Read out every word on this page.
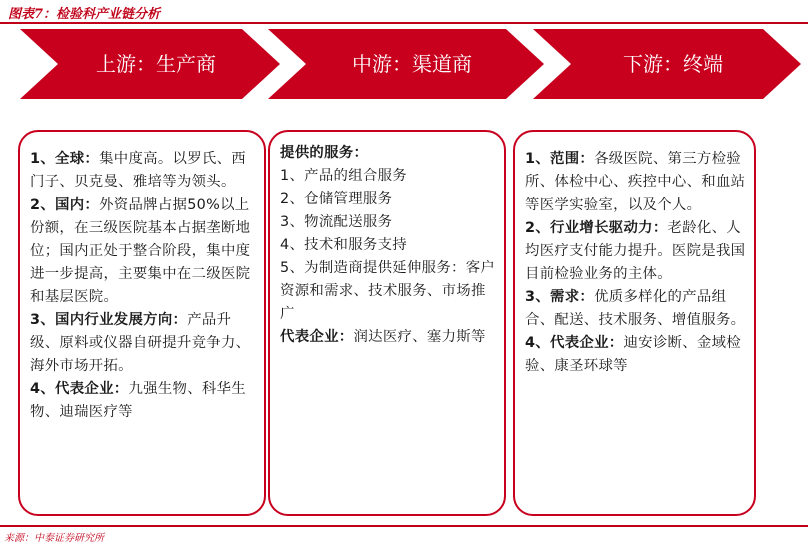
图表7：检验科产业链分析
上游：生产商	中游：渠道商	下游：终端

1、全球：集中度高。以罗氏、西门子、贝克曼、雅培等为领头。

2、国内：外资品牌占据50%以上份额，在三级医院基本占据垄断地位；国内正处于整合阶段，集中度进一步提高，主要集中在二级医院和基层医院。

3、国内行业发展方向：产品升级、原料或仪器自研提升竞争力、海外市场开拓。

4、代表企业：九强生物、科华生物、迪瑞医疗等

提供的服务：

1、产品的组合服务

2、仓储管理服务

3、物流配送服务

4、技术和服务支持

5、为制造商提供延伸服务：客户资源和需求、技术服务、市场推广

代表企业：润达医疗、塞力斯等

1、范围：各级医院、第三方检验所、体检中心、疾控中心、和血站等医学实验室，以及个人。

2、行业增长驱动力：老龄化、人均医疗支付能力提升。医院是我国目前检验业务的主体。

3、需求：优质多样化的产品组合、配送、技术服务、增值服务。

4、代表企业：迪安诊断、金域检验、康圣环球等

来源：中泰证券研究所
